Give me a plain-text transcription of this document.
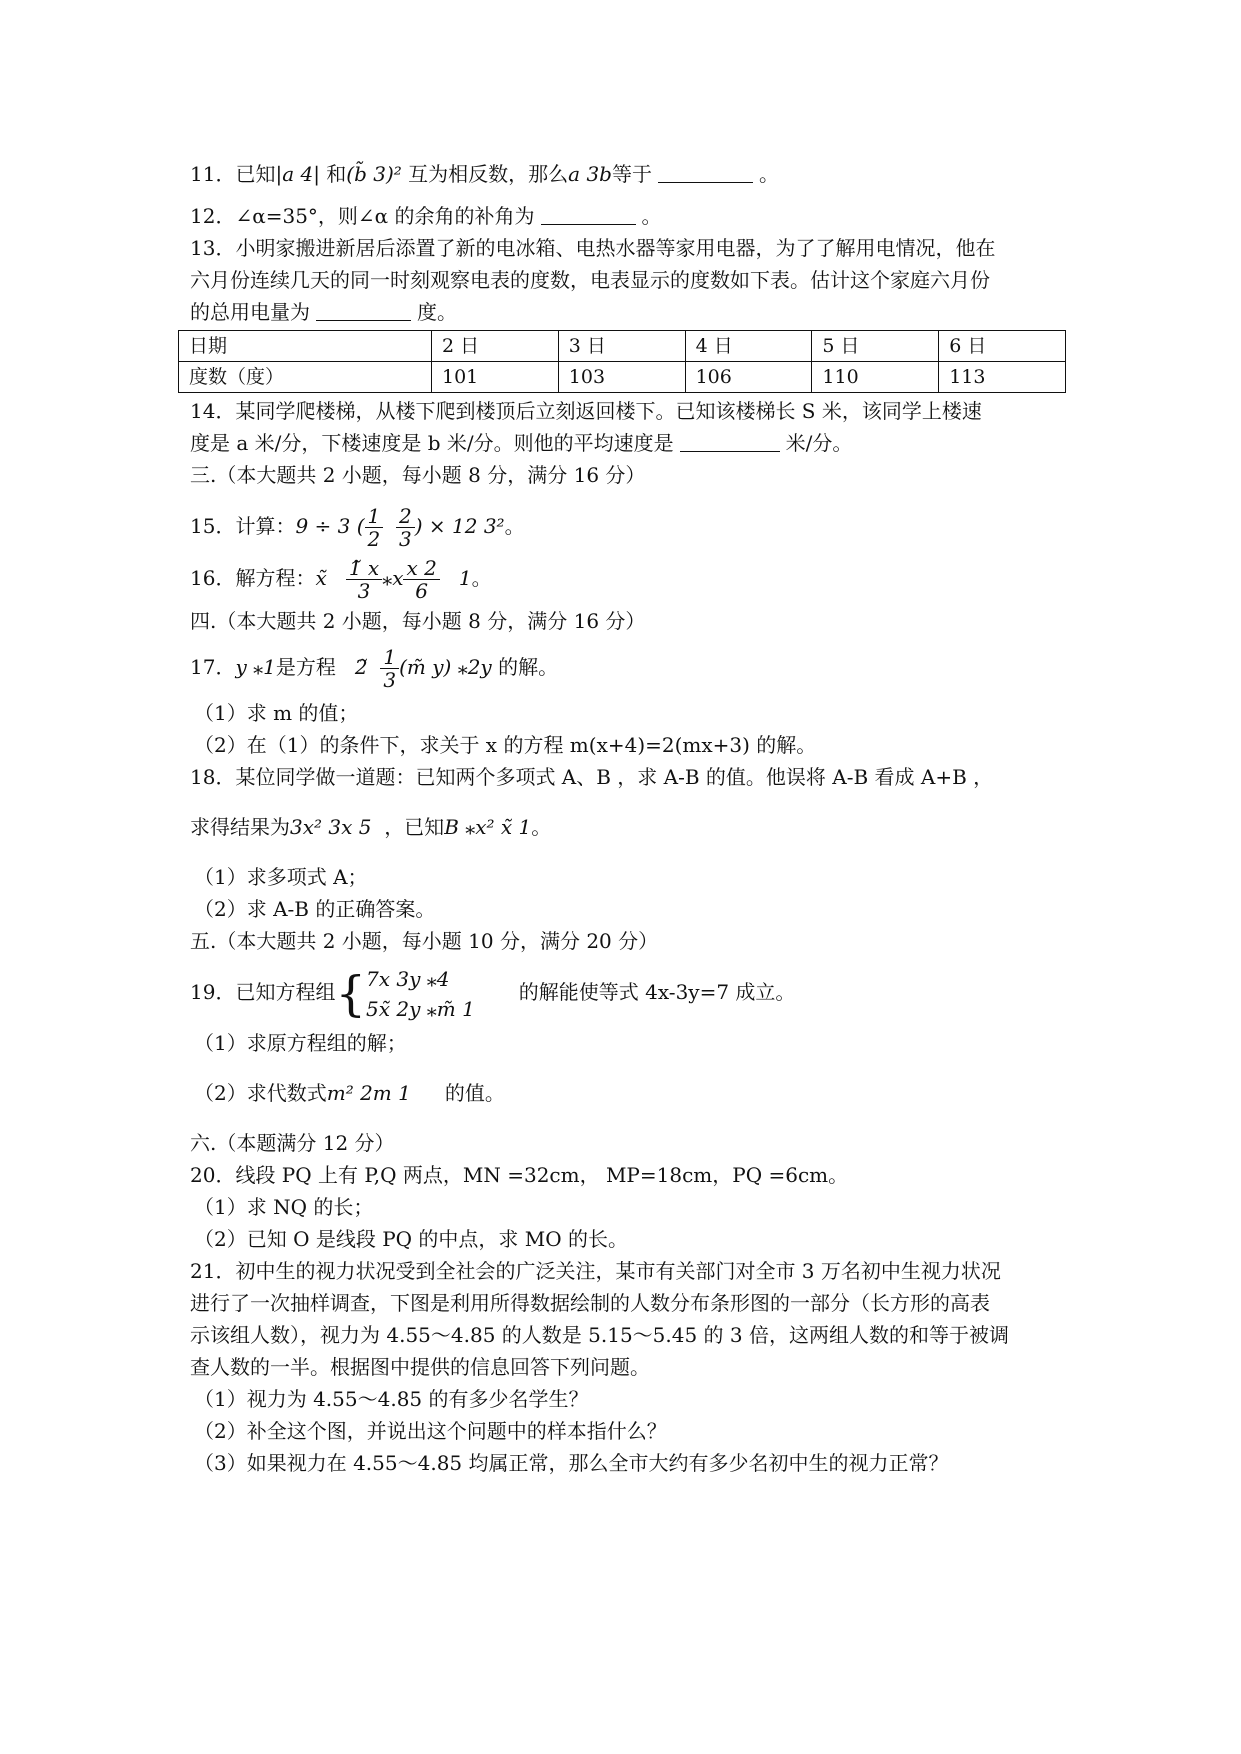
11．已知|a 4| 和(b̃ 3)² 互为相反数，那么a 3b等于	。

12．∠α=35°，则∠α 的余角的补角为	。

13．小明家搬进新居后添置了新的电冰箱、电热水器等家用电器，为了了解用电情况，他在

六月份连续几天的同一时刻观察电表的度数，电表显示的度数如下表。估计这个家庭六月份

的总用电量为	度。

日期	2 日	3 日	4 日	5 日	6 日
度数（度）	101	103	106	110	113

14．某同学爬楼梯，从楼下爬到楼顶后立刻返回楼下。已知该楼梯长 S 米，该同学上楼速

度是 a 米/分，下楼速度是 b 米/分。则他的平均速度是	米/分。

三.（本大题共 2 小题，每小题 8 分，满分 16 分）

15．计算：9 ÷ 3 ( $\frac{1}{2}$
$\frac{2}{3}$ ) × 12 3²。

16．解方程：x̃ $\frac{1̃ x}{3}$ ⁎x $\frac{x 2}{6} 1$。

四.（本大题共 2 小题，每小题 8 分，满分 16 分）

17．y ⁎1是方程 2̃ $\frac{1}{3}$ (m̃ y) ⁎2y 的解。

（1）求 m 的值；

（2）在（1）的条件下，求关于 x 的方程 m(x+4)=2(mx+3) 的解。

18．某位同学做一道题：已知两个多项式 A、B ，求 A-B 的值。他误将 A-B 看成 A+B ，

求得结果为3x² 3x 5 ，已知B ⁎x² x̃ 1。

（1）求多项式 A；

（2）求 A-B 的正确答案。

五.（本大题共 2 小题，每小题 10 分，满分 20 分）

19．已知方程组{ 7x 3y ⁎4
5x̃ 2y ⁎m̃ 1
的解能使等式 4x-3y=7 成立。

（1）求原方程组的解；

（2）求代数式m² 2m 1 的值。

六.（本题满分 12 分）

20．线段 PQ 上有 P,Q 两点，MN =32cm， MP=18cm，PQ =6cm。

（1）求 NQ 的长；

（2）已知 O 是线段 PQ 的中点，求 MO 的长。

21．初中生的视力状况受到全社会的广泛关注，某市有关部门对全市 3 万名初中生视力状况

进行了一次抽样调查，下图是利用所得数据绘制的人数分布条形图的一部分（长方形的高表

示该组人数），视力为 4.55～4.85 的人数是 5.15～5.45 的 3 倍，这两组人数的和等于被调

查人数的一半。根据图中提供的信息回答下列问题。

（1）视力为 4.55～4.85 的有多少名学生？

（2）补全这个图，并说出这个问题中的样本指什么？

（3）如果视力在 4.55～4.85 均属正常，那么全市大约有多少名初中生的视力正常？
